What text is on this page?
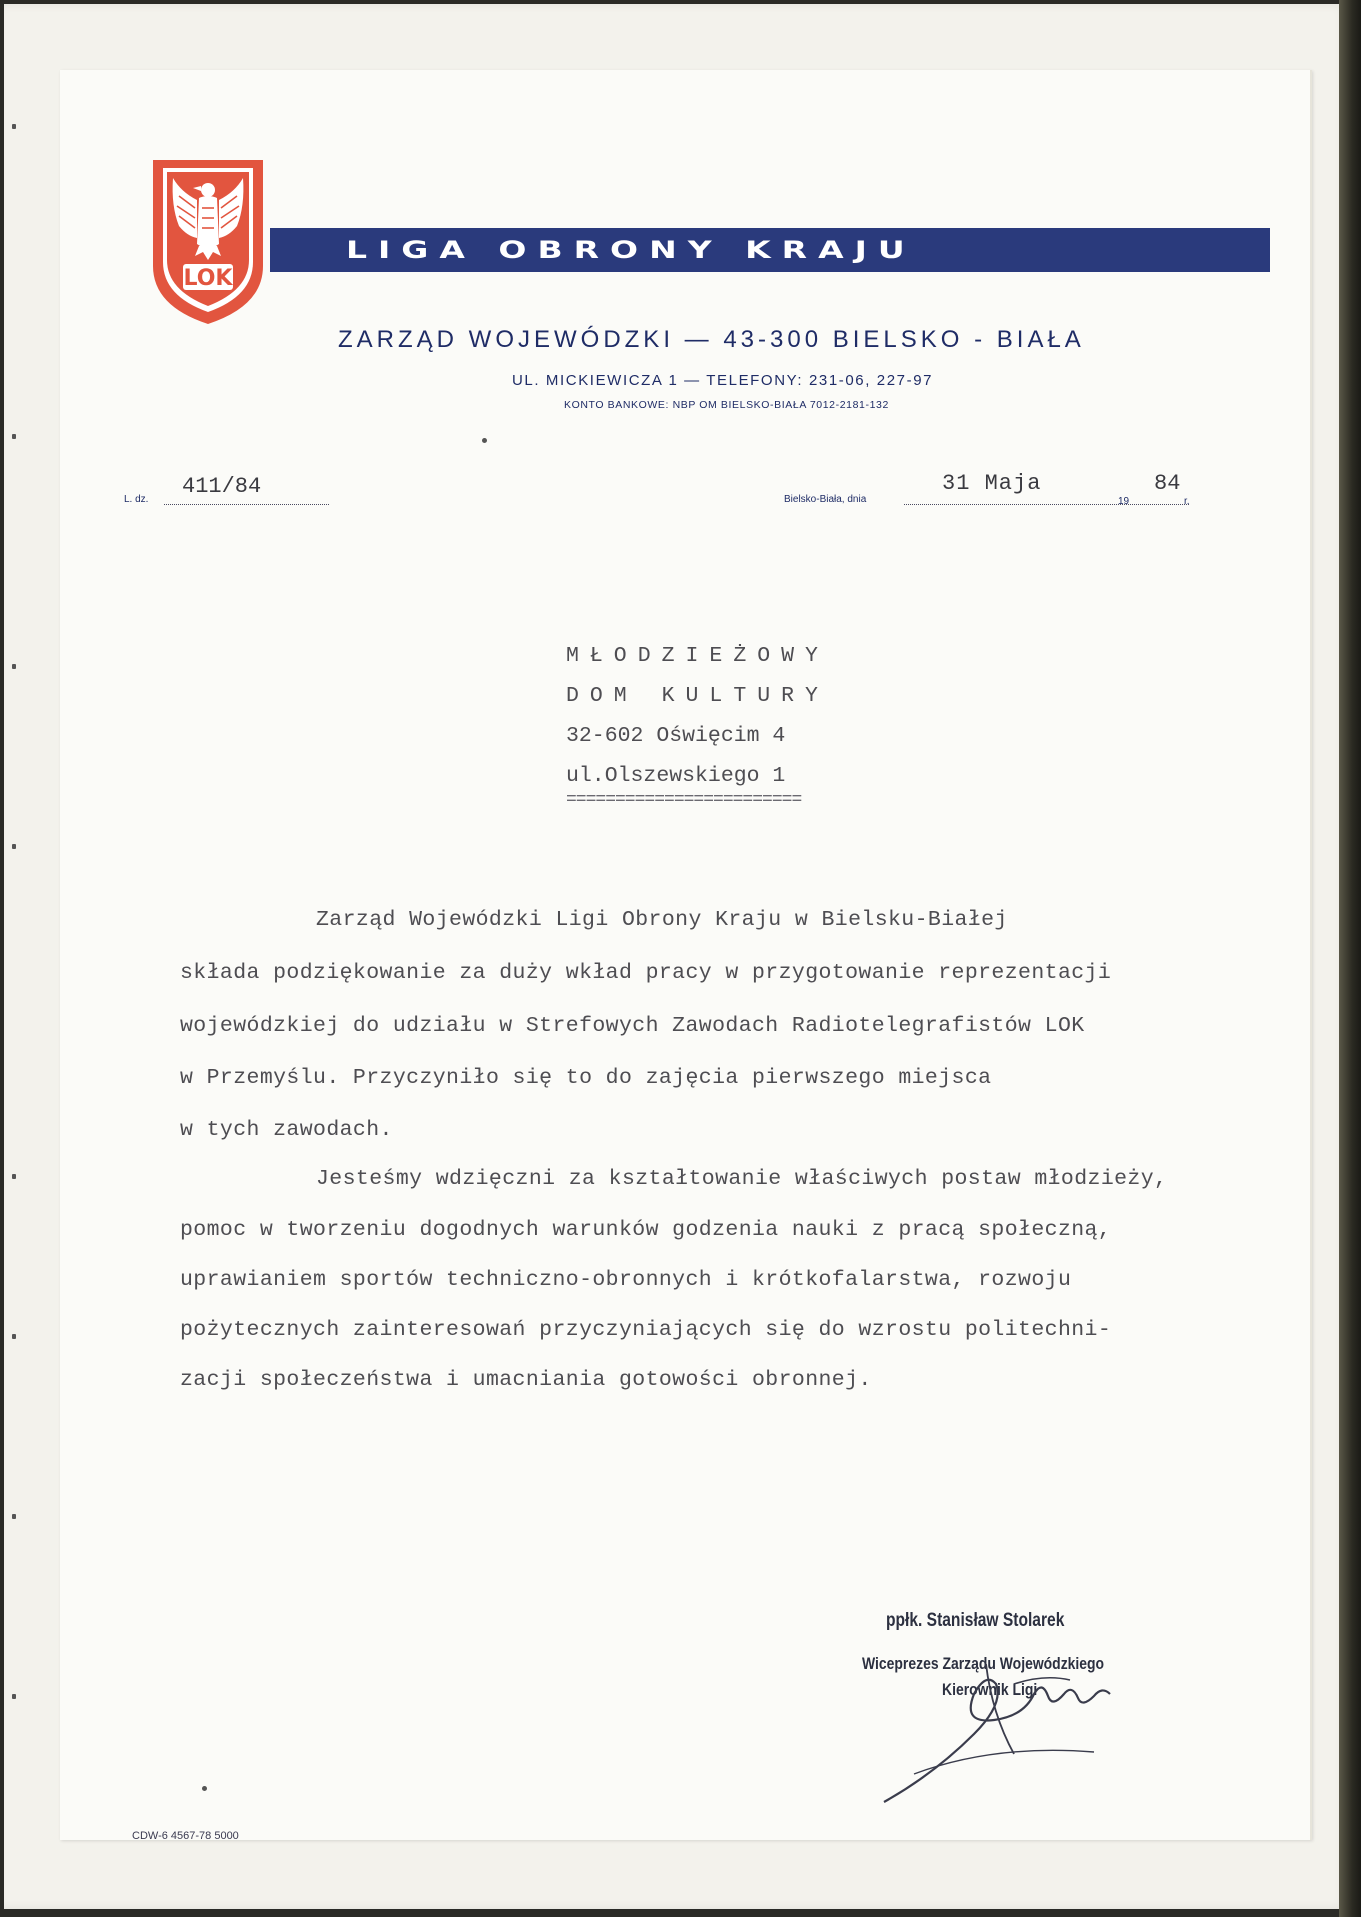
LIGA OBRONY KRAJU
LOK
ZARZĄD WOJEWÓDZKI — 43-300 BIELSKO - BIAŁA
UL. MICKIEWICZA 1 — TELEFONY: 231-06, 227-97
KONTO BANKOWE: NBP OM BIELSKO-BIAŁA 7012-2181-132
L. dz.
411/84
Bielsko-Biała, dnia
31 Maja
19
84
r.
MŁODZIEŻOWY
DOM KULTURY
32-602 Oświęcim 4
ul.Olszewskiego 1
========================
Zarząd Wojewódzki Ligi Obrony Kraju w Bielsku-Białej
składa podziękowanie za duży wkład pracy w przygotowanie reprezentacji
wojewódzkiej do udziału w Strefowych Zawodach Radiotelegrafistów LOK
w Przemyślu. Przyczyniło się to do zajęcia pierwszego miejsca
w tych zawodach.
Jesteśmy wdzięczni za kształtowanie właściwych postaw młodzieży,
pomoc w tworzeniu dogodnych warunków godzenia nauki z pracą społeczną,
uprawianiem sportów techniczno-obronnych i krótkofalarstwa, rozwoju
pożytecznych zainteresowań przyczyniających się do wzrostu politechni-
zacji społeczeństwa i umacniania gotowości obronnej.
Wiceprezes Zarządu Wojewódzkiego
Kierownik Ligi
ppłk. Stanisław Stolarek
CDW-6 4567-78 5000
